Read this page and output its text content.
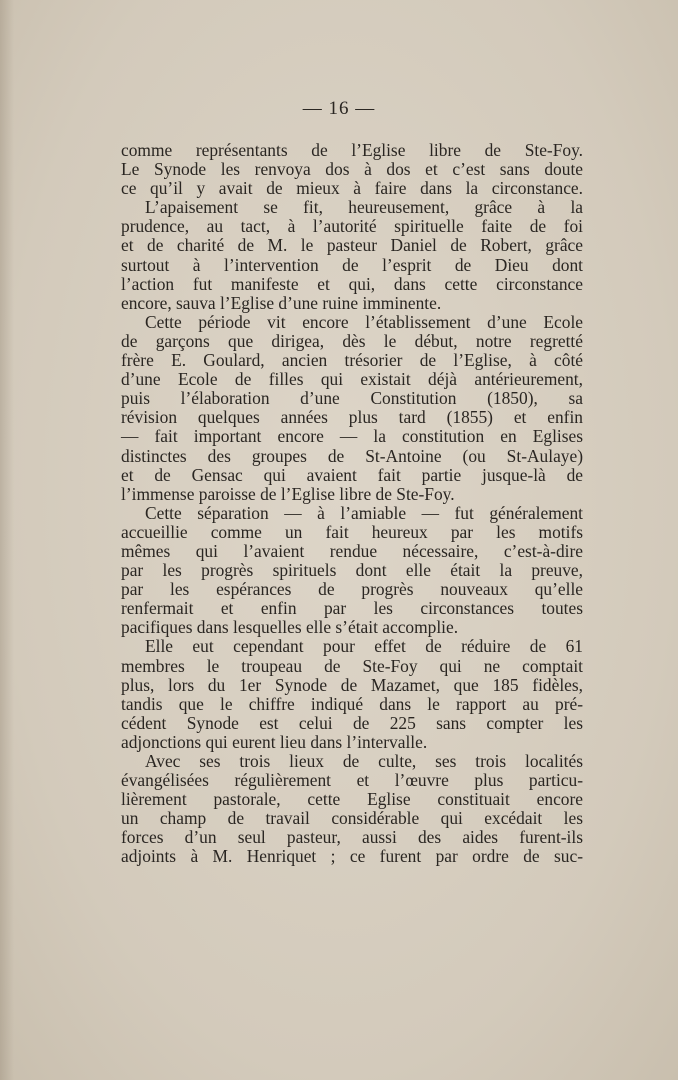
— 16 —
comme représentants de l’Eglise libre de Ste-Foy.
Le Synode les renvoya dos à dos et c’est sans doute
ce qu’il y avait de mieux à faire dans la circonstance.
L’apaisement se fit, heureusement, grâce à la
prudence, au tact, à l’autorité spirituelle faite de foi
et de charité de M. le pasteur Daniel de Robert, grâce
surtout à l’intervention de l’esprit de Dieu dont
l’action fut manifeste et qui, dans cette circonstance
encore, sauva l’Eglise d’une ruine imminente.
Cette période vit encore l’établissement d’une Ecole
de garçons que dirigea, dès le début, notre regretté
frère E. Goulard, ancien trésorier de l’Eglise, à côté
d’une Ecole de filles qui existait déjà antérieurement,
puis l’élaboration d’une Constitution (1850), sa
révision quelques années plus tard (1855) et enfin
— fait important encore — la constitution en Eglises
distinctes des groupes de St-Antoine (ou St-Aulaye)
et de Gensac qui avaient fait partie jusque-là de
l’immense paroisse de l’Eglise libre de Ste-Foy.
Cette séparation — à l’amiable — fut généralement
accueillie comme un fait heureux par les motifs
mêmes qui l’avaient rendue nécessaire, c’est-à-dire
par les progrès spirituels dont elle était la preuve,
par les espérances de progrès nouveaux qu’elle
renfermait et enfin par les circonstances toutes
pacifiques dans lesquelles elle s’était accomplie.
Elle eut cependant pour effet de réduire de 61
membres le troupeau de Ste-Foy qui ne comptait
plus, lors du 1er Synode de Mazamet, que 185 fidèles,
tandis que le chiffre indiqué dans le rapport au pré-
cédent Synode est celui de 225 sans compter les
adjonctions qui eurent lieu dans l’intervalle.
Avec ses trois lieux de culte, ses trois localités
évangélisées régulièrement et l’œuvre plus particu-
lièrement pastorale, cette Eglise constituait encore
un champ de travail considérable qui excédait les
forces d’un seul pasteur, aussi des aides furent-ils
adjoints à M. Henriquet ; ce furent par ordre de suc-
